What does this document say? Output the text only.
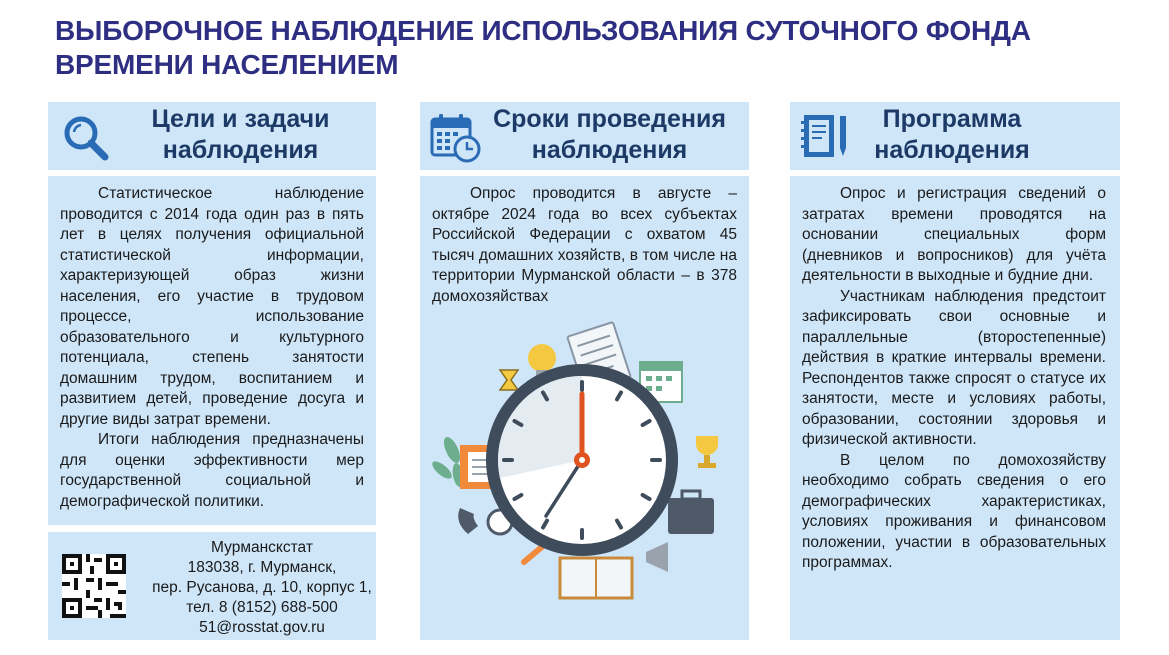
ВЫБОРОЧНОЕ НАБЛЮДЕНИЕ ИСПОЛЬЗОВАНИЯ СУТОЧНОГО ФОНДА
ВРЕМЕНИ НАСЕЛЕНИЕМ
Цели и задачи
наблюдения

Статистическое наблюдение проводится с 2014 года один раз в пять лет в целях получения официальной статистической информации, характеризующей образ жизни населения, его участие в трудовом процессе, использование образовательного и культурного потенциала, степень занятости домашним трудом, воспитанием и развитием детей, проведение досуга и другие виды затрат времени.

Итоги наблюдения предназначены для оценки эффективности мер государственной социальной и демографической политики.

Мурманскстат
183038, г. Мурманск,
пер. Русанова, д. 10, корпус 1,
тел. 8 (8152) 688-500
51@rosstat.gov.ru
Сроки проведения
наблюдения

Опрос проводится в августе – октябре 2024 года во всех субъектах Российской Федерации с охватом 45 тысяч домашних хозяйств, в том числе на территории Мурманской области – в 378 домохозяйствах

Программа
наблюдения

Опрос и регистрация сведений о затратах времени проводятся на основании специальных форм (дневников и вопросников) для учёта деятельности в выходные и будние дни.

Участникам наблюдения предстоит зафиксировать свои основные и параллельные (второстепенные) действия в краткие интервалы времени. Респондентов также спросят о статусе их занятости, месте и условиях работы, образовании, состоянии здоровья и физической активности.

В целом по домохозяйству необходимо собрать сведения о его демографических характеристиках, условиях проживания и финансовом положении, участии в образовательных программах.
